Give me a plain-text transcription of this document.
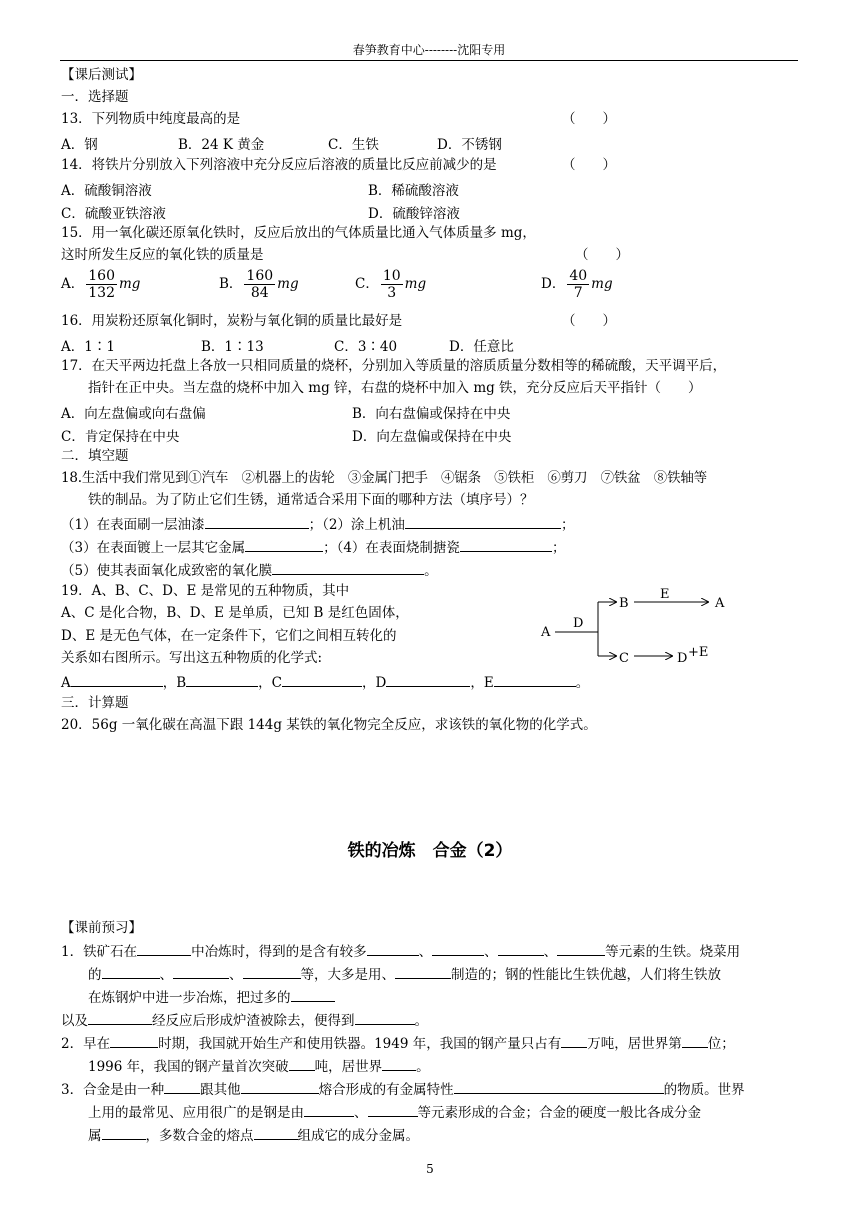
春笋教育中心--------沈阳专用
【课后测试】
一．选择题
13．下列物质中纯度最高的是	（　　）
A．钢	B．24 K 黄金	C．生铁	D．不锈钢
14．将铁片分别放入下列溶液中充分反应后溶液的质量比反应前减少的是	（　　）
A．硫酸铜溶液	B．稀硫酸溶液
C．硫酸亚铁溶液	D．硫酸锌溶液
15．用一氧化碳还原氧化铁时，反应后放出的气体质量比通入气体质量多 mg，
这时所发生反应的氧化铁的质量是	（　　）
A． $\frac{160}{132}$ mg	B． $\frac{160}{84}$ mg	C． $\frac{10}{3}$ mg	D． $\frac{40}{7}$ mg
16．用炭粉还原氧化铜时，炭粉与氧化铜的质量比最好是	（　　）
A．1∶1	B．1∶13	C．3∶40	D．任意比
17．在天平两边托盘上各放一只相同质量的烧杯，分别加入等质量的溶质质量分数相等的稀硫酸，天平调平后，
指针在正中央。当左盘的烧杯中加入 mg 锌，右盘的烧杯中加入 mg 铁，充分反应后天平指针（　　）
A．向左盘偏或向右盘偏	B．向右盘偏或保持在中央
C．肯定保持在中央	D．向左盘偏或保持在中央
二．填空题
18.生活中我们常见到①汽车　②机器上的齿轮　③金属门把手　④锯条　⑤铁柜　⑥剪刀　⑦铁盆　⑧铁轴等
铁的制品。为了防止它们生锈，通常适合采用下面的哪种方法（填序号）？
（1）在表面刷一层油漆	；（2）涂上机油	；
（3）在表面镀上一层其它金属	；（4）在表面烧制搪瓷	；
（5）使其表面氧化成致密的氧化膜	。
19．A、B、C、D、E 是常见的五种物质，其中
A、C 是化合物，B、D、E 是单质，已知 B 是红色固体，
D、E 是无色气体，在一定条件下，它们之间相互转化的
关系如右图所示。写出这五种物质的化学式:
A
D
B
E
A
C	D +E
A	，B	，C	，D	，E	。
三．计算题
20．56g 一氧化碳在高温下跟 144g 某铁的氧化物完全反应，求该铁的氧化物的化学式。
铁的冶炼　合金（2）
【课前预习】
1．铁矿石在	中冶炼时，得到的是含有较多	、	、	、	等元素的生铁。烧菜用
的	、	、	等，大多是用、	制造的；钢的性能比生铁优越，人们将生铁放
在炼钢炉中进一步冶炼，把过多的
以及	经反应后形成炉渣被除去，便得到	。
2．早在	时期，我国就开始生产和使用铁器。1949 年，我国的钢产量只占有 万吨，居世界第 位；
1996 年，我国的钢产量首次突破 吨，居世界	。
3．合金是由一种	跟其他	熔合形成的有金属特性	的物质。世界
上用的最常见、应用很广的是钢是由	、	等元素形成的合金；合金的硬度一般比各成分金
属	，多数合金的熔点	组成它的成分金属。
5
